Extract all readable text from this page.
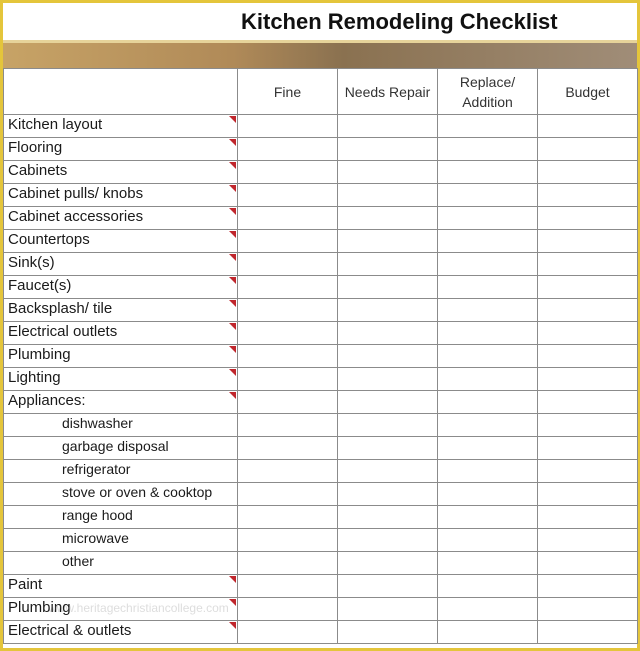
Kitchen Remodeling Checklist
	Fine	Needs Repair	Replace/ Addition	Budget

Kitchen layout				

Flooring				

Cabinets				

Cabinet pulls/ knobs				

Cabinet accessories				

Countertops				

Sink(s)				

Faucet(s)				

Backsplash/ tile				

Electrical outlets				

Plumbing				

Lighting				

Appliances:				

dishwasher				

garbage disposal				

refrigerator				

stove or oven & cooktop				

range hood				

microwave				

other				

Paint				

Plumbing				

Electrical & outlets				

www.heritagechristiancollege.com
